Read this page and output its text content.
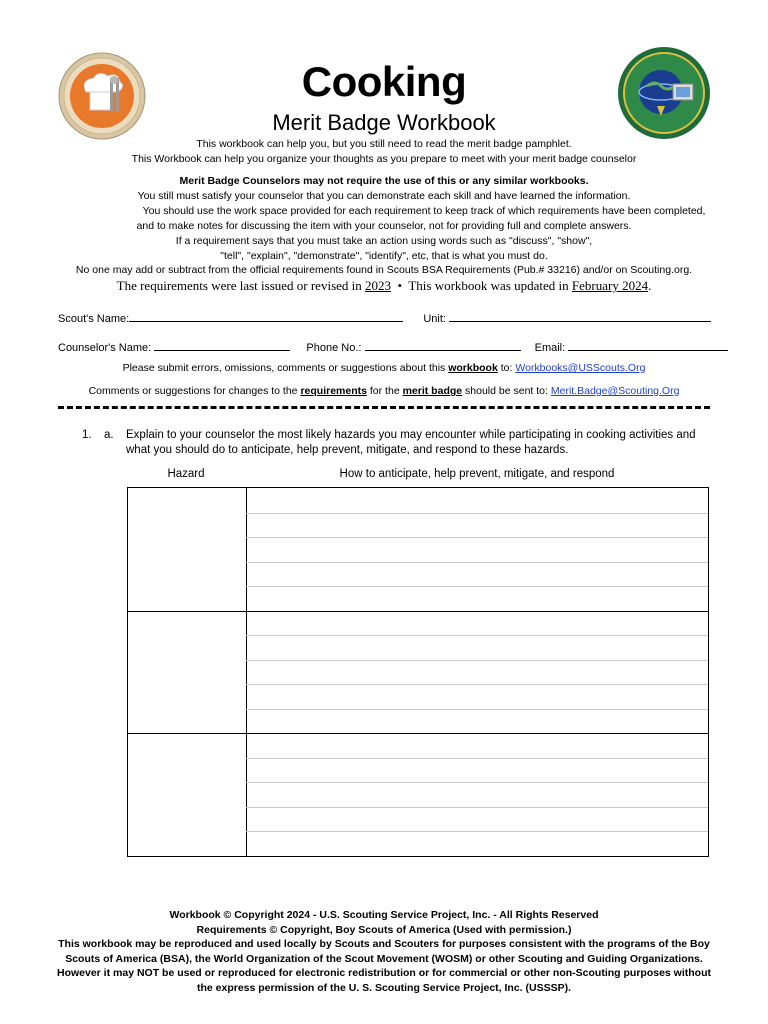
Cooking
Merit Badge Workbook
This workbook can help you, but you still need to read the merit badge pamphlet.
This Workbook can help you organize your thoughts as you prepare to meet with your merit badge counselor
Merit Badge Counselors may not require the use of this or any similar workbooks.
You still must satisfy your counselor that you can demonstrate each skill and have learned the information.
You should use the work space provided for each requirement to keep track of which requirements have been completed,
and to make notes for discussing the item with your counselor, not for providing full and complete answers.
If a requirement says that you must take an action using words such as "discuss", "show",
"tell", "explain", "demonstrate", "identify", etc, that is what you must do.
No one may add or subtract from the official requirements found in Scouts BSA Requirements (Pub.# 33216) and/or on Scouting.org.
The requirements were last issued or revised in 2023 • This workbook was updated in February 2024.
Scout's Name:	Unit:
Counselor's Name:	Phone No.:	Email:
Please submit errors, omissions, comments or suggestions about this workbook to: Workbooks@USScouts.Org
Comments or suggestions for changes to the requirements for the merit badge should be sent to: Merit.Badge@Scouting.Org
1. a. Explain to your counselor the most likely hazards you may encounter while participating in cooking activities and
what you should do to anticipate, help prevent, mitigate, and respond to these hazards.
Hazard	How to anticipate, help prevent, mitigate, and respond
Workbook © Copyright 2024 - U.S. Scouting Service Project, Inc. - All Rights Reserved
Requirements © Copyright, Boy Scouts of America (Used with permission.)
This workbook may be reproduced and used locally by Scouts and Scouters for purposes consistent with the programs of the Boy
Scouts of America (BSA), the World Organization of the Scout Movement (WOSM) or other Scouting and Guiding Organizations.
However it may NOT be used or reproduced for electronic redistribution or for commercial or other non-Scouting purposes without
the express permission of the U. S. Scouting Service Project, Inc. (USSSP).
